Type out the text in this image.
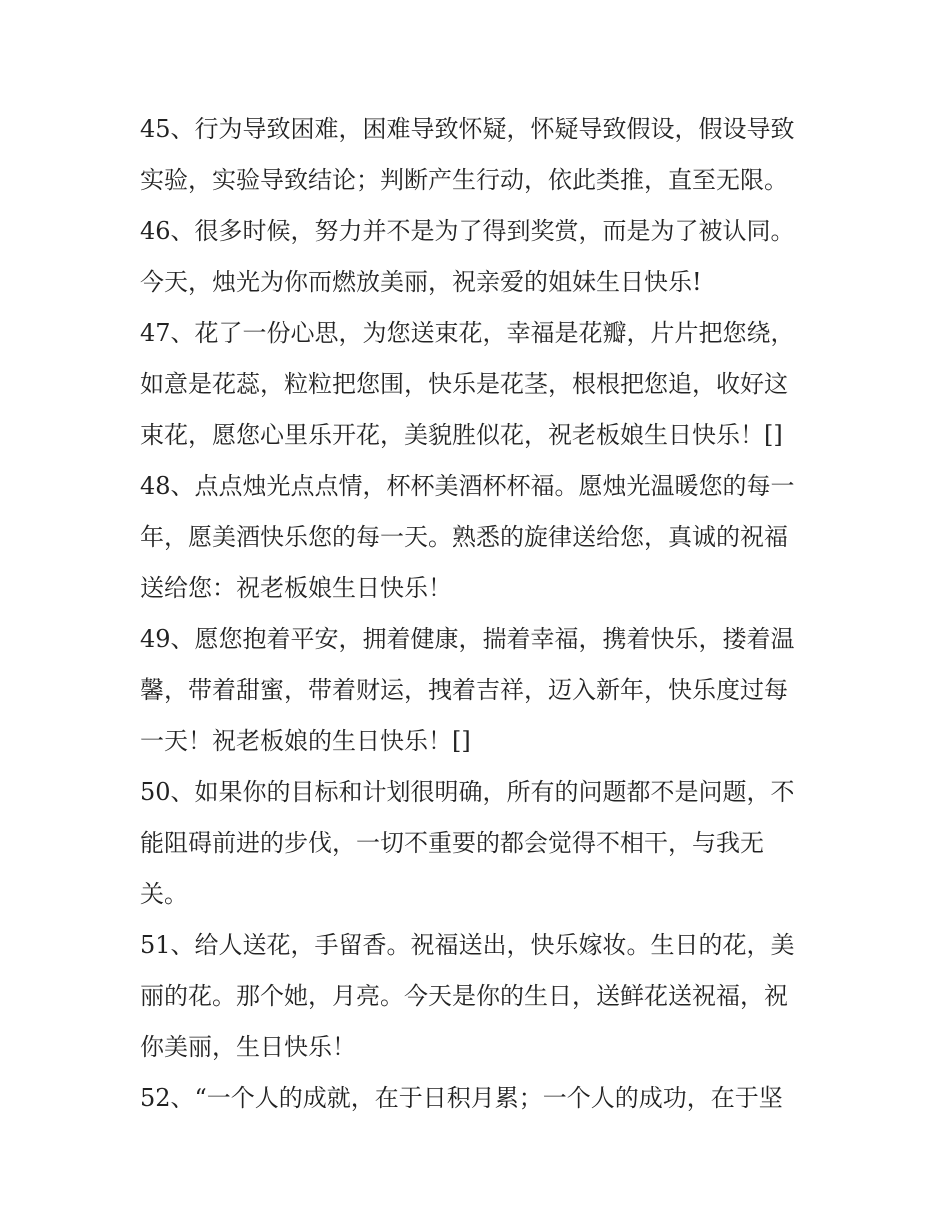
45、行为导致困难，困难导致怀疑，怀疑导致假设，假设导致
实验，实验导致结论；判断产生行动，依此类推，直至无限。
46、很多时候，努力并不是为了得到奖赏，而是为了被认同。
今天，烛光为你而燃放美丽，祝亲爱的姐妹生日快乐!
47、花了一份心思，为您送束花，幸福是花瓣，片片把您绕，
如意是花蕊，粒粒把您围，快乐是花茎，根根把您追，收好这
束花，愿您心里乐开花，美貌胜似花，祝老板娘生日快乐！[]
48、点点烛光点点情，杯杯美酒杯杯福。愿烛光温暖您的每一
年，愿美酒快乐您的每一天。熟悉的旋律送给您，真诚的祝福
送给您：祝老板娘生日快乐！
49、愿您抱着平安，拥着健康，揣着幸福，携着快乐，搂着温
馨，带着甜蜜，带着财运，拽着吉祥，迈入新年，快乐度过每
一天！祝老板娘的生日快乐！[]
50、如果你的目标和计划很明确，所有的问题都不是问题，不
能阻碍前进的步伐，一切不重要的都会觉得不相干，与我无
关。
51、给人送花，手留香。祝福送出，快乐嫁妆。生日的花，美
丽的花。那个她，月亮。今天是你的生日，送鲜花送祝福，祝
你美丽，生日快乐！
52、“一个人的成就，在于日积月累；一个人的成功，在于坚
